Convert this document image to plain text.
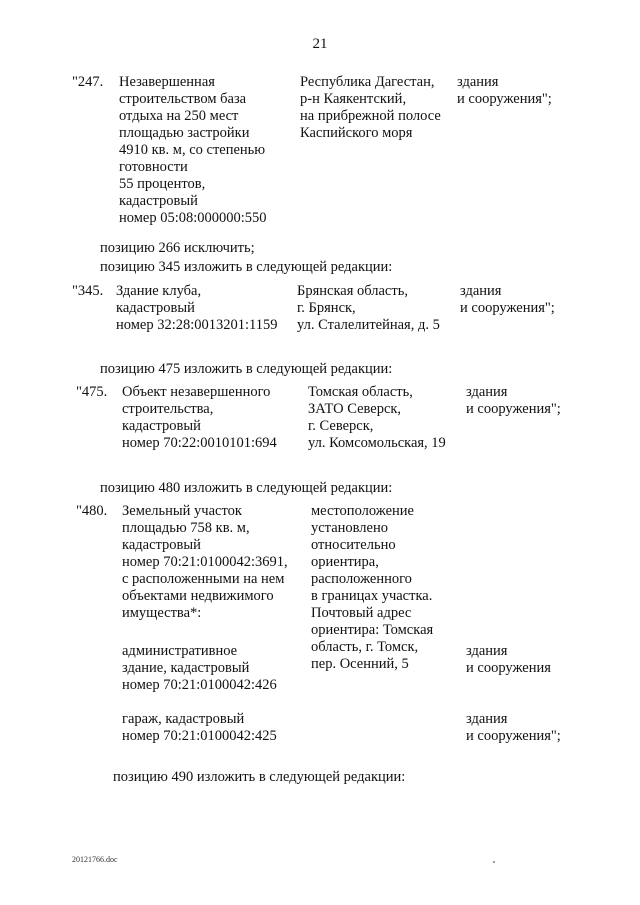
21
"247. Незавершенная
строительством база
отдыха на 250 мест
площадью застройки
4910 кв. м, со степенью
готовности
55 процентов,
кадастровый
номер 05:08:000000:550
Республика Дагестан,
р-н Каякентский,
на прибрежной полосе
Каспийского моря
здания
и сооружения";
позицию 266 исключить;
позицию 345 изложить в следующей редакции:
"345. Здание клуба,
кадастровый
номер 32:28:0013201:1159
Брянская область,
г. Брянск,
ул. Сталелитейная, д. 5
здания
и сооружения";
позицию 475 изложить в следующей редакции:
"475. Объект незавершенного
строительства,
кадастровый
номер 70:22:0010101:694
Томская область,
ЗАТО Северск,
г. Северск,
ул. Комсомольская, 19
здания
и сооружения";
позицию 480 изложить в следующей редакции:
"480. Земельный участок
площадью 758 кв. м,
кадастровый
номер 70:21:0100042:3691,
с расположенными на нем
объектами недвижимого
имущества*:
местоположение
установлено
относительно
ориентира,
расположенного
в границах участка.
Почтовый адрес
ориентира: Томская
область, г. Томск,
пер. Осенний, 5
административное
здание, кадастровый
номер 70:21:0100042:426
здания
и сооружения
гараж, кадастровый
номер 70:21:0100042:425
здания
и сооружения";
позицию 490 изложить в следующей редакции:
20121766.doc
